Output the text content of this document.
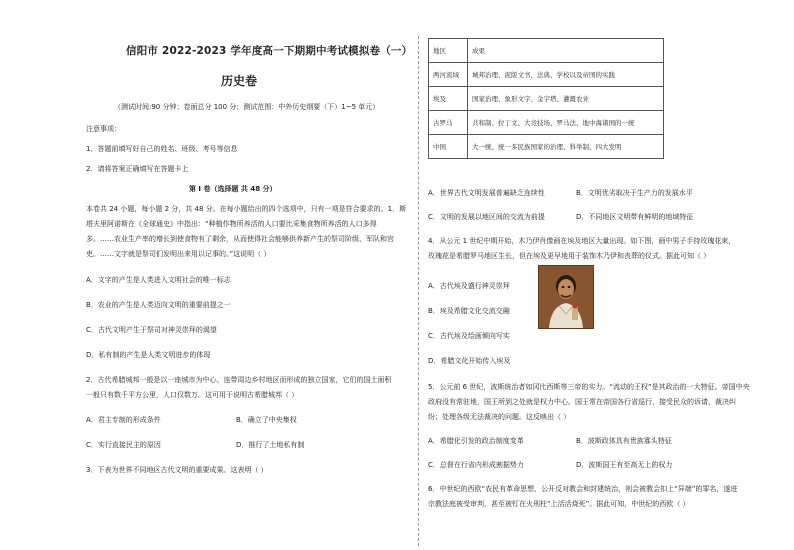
信阳市 2022-2023 学年度高一下期期中考试模拟卷（一）
历史卷
（测试时间:90 分钟；卷面总分 100 分；测试范围：中外历史纲要（下）1~5 单元）
注意事项：
1．答题前填写好自己的姓名、班级、考号等信息
2．请将答案正确填写在答题卡上
第 I 卷（选择题 共 48 分）
本卷共 24 小题，每小题 2 分，共 48 分。在每小题给出的四个选项中，只有一项是符合要求的。1．斯
塔夫里阿诺斯在《全球通史》中指出：“种植作物所养活的人口要比采集食物所养活的人口多得
多。……农业生产率的增长到使食物有了剩余，从而使得社会能够供养新产生的祭司阶级、军队和官
吏。……文字就是祭司们发明出来用以记事的。”这说明（ ）
A．文字的产生是人类进入文明社会的唯一标志
B．农业的产生是人类迈向文明的重要前提之一
C．古代文明产生于祭司对神灵崇拜的渴望
D．私有制的产生是人类文明进步的体现
2．古代希腊城邦一般是以一座城市为中心、连带周边乡村地区而形成的独立国家，它们的国土面积
一般只有数千平方公里，人口仅数万。这可用于说明古希腊城邦（ ）
A．君主专制的形成条件	B．确立了中央集权
C．实行直接民主的原因	D．推行了土地私有制
3．下表为世界不同地区古代文明的重要成果。这表明（ ）
地区	成果
两河流域	城邦治理、泥版文书、法典、学校以及帝国的实践
埃及	国家治理、象形文字、金字塔、灌溉农业
古罗马	共和制、拉丁文、大竞技场、罗马法、地中海诸国的一统
中国	大一统、统一多民族国家的治理、科举制、四大发明
A．世界古代文明发展普遍缺乏连续性	B．文明优劣取决于生产力的发展水平
C．文明的发展以地区间的交流为前提	D．不同地区文明带有鲜明的地域特征
4．从公元 1 世纪中期开始，木乃伊肖像画在埃及地区大量出现。如下图，画中男子手持玫瑰花束，
玫瑰花是希腊罗马地区生长，但在埃及更早地用于装饰木乃伊和丧葬的仪式。据此可知（ ）
A．古代埃及盛行神灵崇拜
B．埃及希腊文化交流交融
C．古代埃及绘画倾向写实
D．希腊文化开始传入埃及
5．公元前 6 世纪，波斯统治者如冈比西斯等三帝的实力。“流动的王权”是其政治的一大特征。帝国中央
政府没有常驻地，国王所到之处就是权力中心。国王常在帝国各行省巡行，接受民众的诉请，裁决纠
纷；处理各级无法裁决的问题。这反映出（ ）
A．希腊化引发的政治制度变革	B．波斯政体具有贵族寡头特征
C．总督在行省内形成割据势力	D．波斯国王有至高无上的权力
6．中世纪的西欧“农民有革命思想，公开反对教会和封建统治，则会被教会扣上“异端”的罪名，遂进
宗教法庭被受审判，甚至被钉在火刑柱“上活活烧死”。据此可知，中世纪的西欧（ ）
